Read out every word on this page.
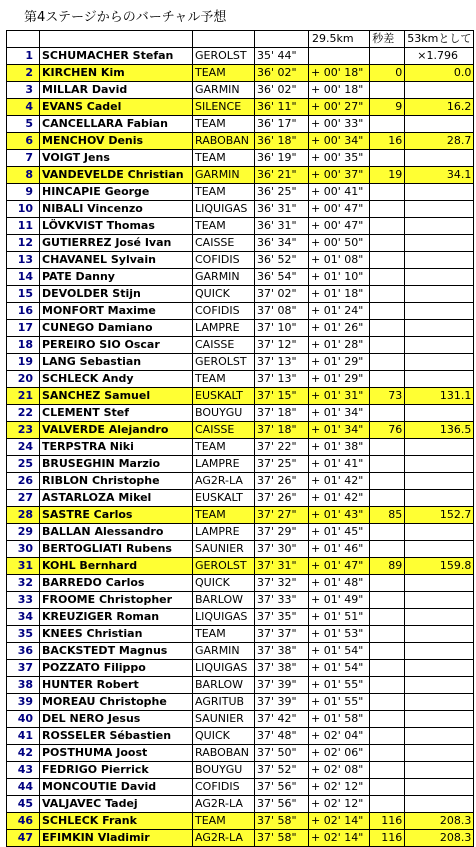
第4ステージからのバーチャル予想
				29.5km	秒差	53kmとして
1	SCHUMACHER Stefan	GEROLST	35' 44"			×1.796
2	KIRCHEN Kim	TEAM	36' 02"	+ 00' 18"	0	0.0
3	MILLAR David	GARMIN	36' 02"	+ 00' 18"		
4	EVANS Cadel	SILENCE	36' 11"	+ 00' 27"	9	16.2
5	CANCELLARA Fabian	TEAM	36' 17"	+ 00' 33"		
6	MENCHOV Denis	RABOBAN	36' 18"	+ 00' 34"	16	28.7
7	VOIGT Jens	TEAM	36' 19"	+ 00' 35"		
8	VANDEVELDE Christian	GARMIN	36' 21"	+ 00' 37"	19	34.1
9	HINCAPIE George	TEAM	36' 25"	+ 00' 41"		
10	NIBALI Vincenzo	LIQUIGAS	36' 31"	+ 00' 47"		
11	LÖVKVIST Thomas	TEAM	36' 31"	+ 00' 47"		
12	GUTIERREZ José Ivan	CAISSE	36' 34"	+ 00' 50"		
13	CHAVANEL Sylvain	COFIDIS	36' 52"	+ 01' 08"		
14	PATE Danny	GARMIN	36' 54"	+ 01' 10"		
15	DEVOLDER Stijn	QUICK	37' 02"	+ 01' 18"		
16	MONFORT Maxime	COFIDIS	37' 08"	+ 01' 24"		
17	CUNEGO Damiano	LAMPRE	37' 10"	+ 01' 26"		
18	PEREIRO SIO Oscar	CAISSE	37' 12"	+ 01' 28"		
19	LANG Sebastian	GEROLST	37' 13"	+ 01' 29"		
20	SCHLECK Andy	TEAM	37' 13"	+ 01' 29"		
21	SANCHEZ Samuel	EUSKALT	37' 15"	+ 01' 31"	73	131.1
22	CLEMENT Stef	BOUYGU	37' 18"	+ 01' 34"		
23	VALVERDE Alejandro	CAISSE	37' 18"	+ 01' 34"	76	136.5
24	TERPSTRA Niki	TEAM	37' 22"	+ 01' 38"		
25	BRUSEGHIN Marzio	LAMPRE	37' 25"	+ 01' 41"		
26	RIBLON Christophe	AG2R-LA	37' 26"	+ 01' 42"		
27	ASTARLOZA Mikel	EUSKALT	37' 26"	+ 01' 42"		
28	SASTRE Carlos	TEAM	37' 27"	+ 01' 43"	85	152.7
29	BALLAN Alessandro	LAMPRE	37' 29"	+ 01' 45"		
30	BERTOGLIATI Rubens	SAUNIER	37' 30"	+ 01' 46"		
31	KOHL Bernhard	GEROLST	37' 31"	+ 01' 47"	89	159.8
32	BARREDO Carlos	QUICK	37' 32"	+ 01' 48"		
33	FROOME Christopher	BARLOW	37' 33"	+ 01' 49"		
34	KREUZIGER Roman	LIQUIGAS	37' 35"	+ 01' 51"		
35	KNEES Christian	TEAM	37' 37"	+ 01' 53"		
36	BACKSTEDT Magnus	GARMIN	37' 38"	+ 01' 54"		
37	POZZATO Filippo	LIQUIGAS	37' 38"	+ 01' 54"		
38	HUNTER Robert	BARLOW	37' 39"	+ 01' 55"		
39	MOREAU Christophe	AGRITUB	37' 39"	+ 01' 55"		
40	DEL NERO Jesus	SAUNIER	37' 42"	+ 01' 58"		
41	ROSSELER Sébastien	QUICK	37' 48"	+ 02' 04"		
42	POSTHUMA Joost	RABOBAN	37' 50"	+ 02' 06"		
43	FEDRIGO Pierrick	BOUYGU	37' 52"	+ 02' 08"		
44	MONCOUTIE David	COFIDIS	37' 56"	+ 02' 12"		
45	VALJAVEC Tadej	AG2R-LA	37' 56"	+ 02' 12"		
46	SCHLECK Frank	TEAM	37' 58"	+ 02' 14"	116	208.3
47	EFIMKIN Vladimir	AG2R-LA	37' 58"	+ 02' 14"	116	208.3
